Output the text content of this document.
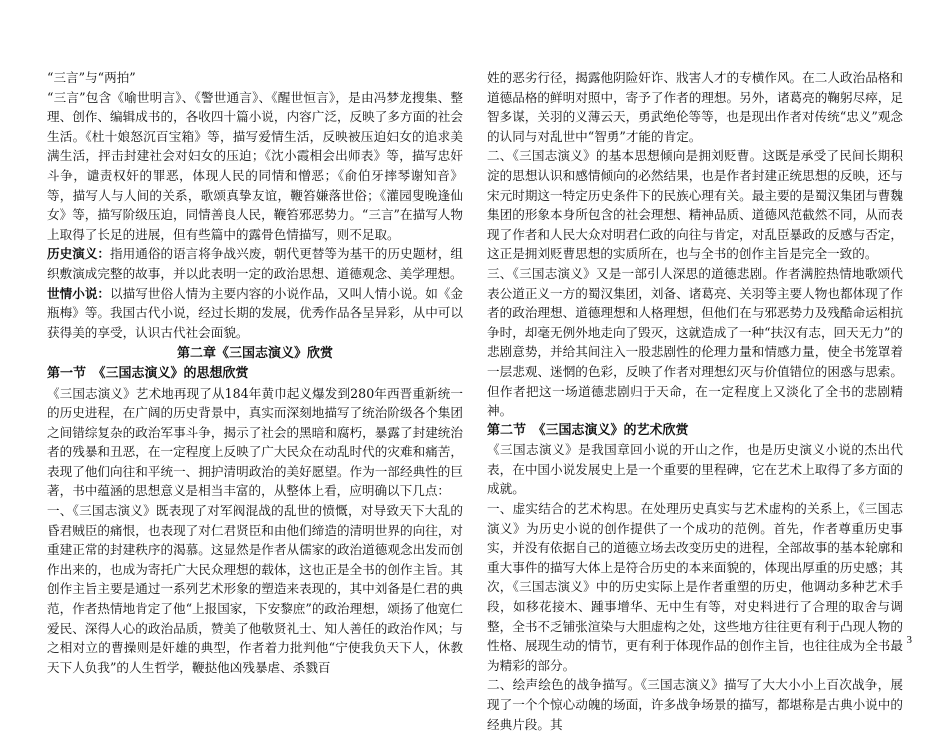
“三言”与“两拍”

“三言”包含《喻世明言》、《警世通言》、《醒世恒言》，是由冯梦龙搜集、整理、创作、编辑成书的，各收四十篇小说，内容广泛，反映了多方面的社会生活。《杜十娘怒沉百宝箱》等，描写爱情生活，反映被压迫妇女的追求美满生活，抨击封建社会对妇女的压迫；《沈小霞相会出师表》等，描写忠奸斗争，谴责权奸的罪恶，体现人民的同情和憎恶；《俞伯牙摔琴谢知音》等，描写人与人间的关系，歌颂真挚友谊，鞭笞嫌落世俗；《灌园叟晚逢仙女》等，描写阶级压迫，同情善良人民，鞭笞邪恶势力。“三言”在描写人物上取得了长足的进展，但有些篇中的露骨色情描写，则不足取。

历史演义：指用通俗的语言将争战兴废，朝代更替等为基干的历史题材，组织敷演成完整的故事，并以此表明一定的政治思想、道德观念、美学理想。

世情小说：以描写世俗人情为主要内容的小说作品，又叫人情小说。如《金瓶梅》等。我国古代小说，经过长期的发展，优秀作品各呈异彩，从中可以获得美的享受，认识古代社会面貌。

第二章《三国志演义》欣赏
第一节　《三国志演义》的思想欣赏

《三国志演义》艺术地再现了从184年黄巾起义爆发到280年西晋重新统一的历史进程，在广阔的历史背景中，真实而深刻地描写了统治阶级各个集团之间错综复杂的政治军事斗争，揭示了社会的黑暗和腐朽，暴露了封建统治者的残暴和丑恶，在一定程度上反映了广大民众在动乱时代的灾难和痛苦，表现了他们向往和平统一、拥护清明政治的美好愿望。作为一部经典性的巨著，书中蕴涵的思想意义是相当丰富的，从整体上看，应明确以下几点：

一、《三国志演义》既表现了对军阀混战的乱世的愤慨，对导致天下大乱的昏君贼臣的痛恨，也表现了对仁君贤臣和由他们缔造的清明世界的向往，对重建正常的封建秩序的渴慕。这显然是作者从儒家的政治道德观念出发而创作出来的，也成为寄托广大民众理想的载体，这也正是全书的创作主旨。其创作主旨主要是通过一系列艺术形象的塑造来表现的，其中刘备是仁君的典范，作者热情地肯定了他“上报国家，下安黎庶”的政治理想，颂扬了他宽仁爱民、深得人心的政治品质，赞美了他敬贤礼士、知人善任的政治作风；与之相对立的曹操则是奸雄的典型，作者着力批判他“宁使我负天下人，休教天下人负我”的人生哲学，鞭挞他凶残暴虐、杀戮百

姓的恶劣行径，揭露他阴险奸诈、戕害人才的专横作风。在二人政治品格和道德品格的鲜明对照中，寄予了作者的理想。另外，诸葛亮的鞠躬尽瘁，足智多谋，关羽的义薄云天，勇武绝伦等等，也是现出作者对传统“忠义”观念的认同与对乱世中“智勇”才能的肯定。

二、《三国志演义》的基本思想倾向是拥刘贬曹。这既是承受了民间长期积淀的思想认识和感情倾向的必然结果，也是作者封建正统思想的反映，还与宋元时期这一特定历史条件下的民族心理有关。最主要的是蜀汉集团与曹魏集团的形象本身所包含的社会理想、精神品质、道德风范截然不同，从而表现了作者和人民大众对明君仁政的向往与肯定，对乱臣暴政的反感与否定，这正是拥刘贬曹思想的实质所在，也与全书的创作主旨是完全一致的。

三、《三国志演义》又是一部引人深思的道德悲剧。作者满腔热情地歌颂代表公道正义一方的蜀汉集团，刘备、诸葛亮、关羽等主要人物也都体现了作者的政治理想、道德理想和人格理想，但他们在与邪恶势力及残酷命运相抗争时，却毫无例外地走向了毁灭，这就造成了一种“扶汉有志，回天无力”的悲剧意势，并给其间注入一股悲剧性的伦理力量和情感力量，使全书笼罩着一层悲观、迷惘的色彩，反映了作者对理想幻灭与价值错位的困惑与思索。但作者把这一场道德悲剧归于天命，在一定程度上又淡化了全书的悲剧精神。

第二节　《三国志演义》的艺术欣赏

《三国志演义》是我国章回小说的开山之作，也是历史演义小说的杰出代表，在中国小说发展史上是一个重要的里程碑，它在艺术上取得了多方面的成就。

一、虚实结合的艺术构思。在处理历史真实与艺术虚构的关系上，《三国志演义》为历史小说的创作提供了一个成功的范例。首先，作者尊重历史事实，并没有依据自己的道德立场去改变历史的进程，全部故事的基本轮廓和重大事件的描写大体上是符合历史的本来面貌的，体现出厚重的历史感；其次，《三国志演义》中的历史实际上是作者重塑的历史，他调动多种艺术手段，如移花接木、踵事增华、无中生有等，对史料进行了合理的取舍与调整，全书不乏铺张渲染与大胆虚构之处，这些地方往往更有利于凸现人物的性格、展现生动的情节，更有利于体现作品的创作主旨，也往往成为全书最为精彩的部分。

二、绘声绘色的战争描写。《三国志演义》描写了大大小小上百次战争，展现了一个个惊心动魄的场面，许多战争场景的描写，都堪称是古典小说中的经典片段。其

3
